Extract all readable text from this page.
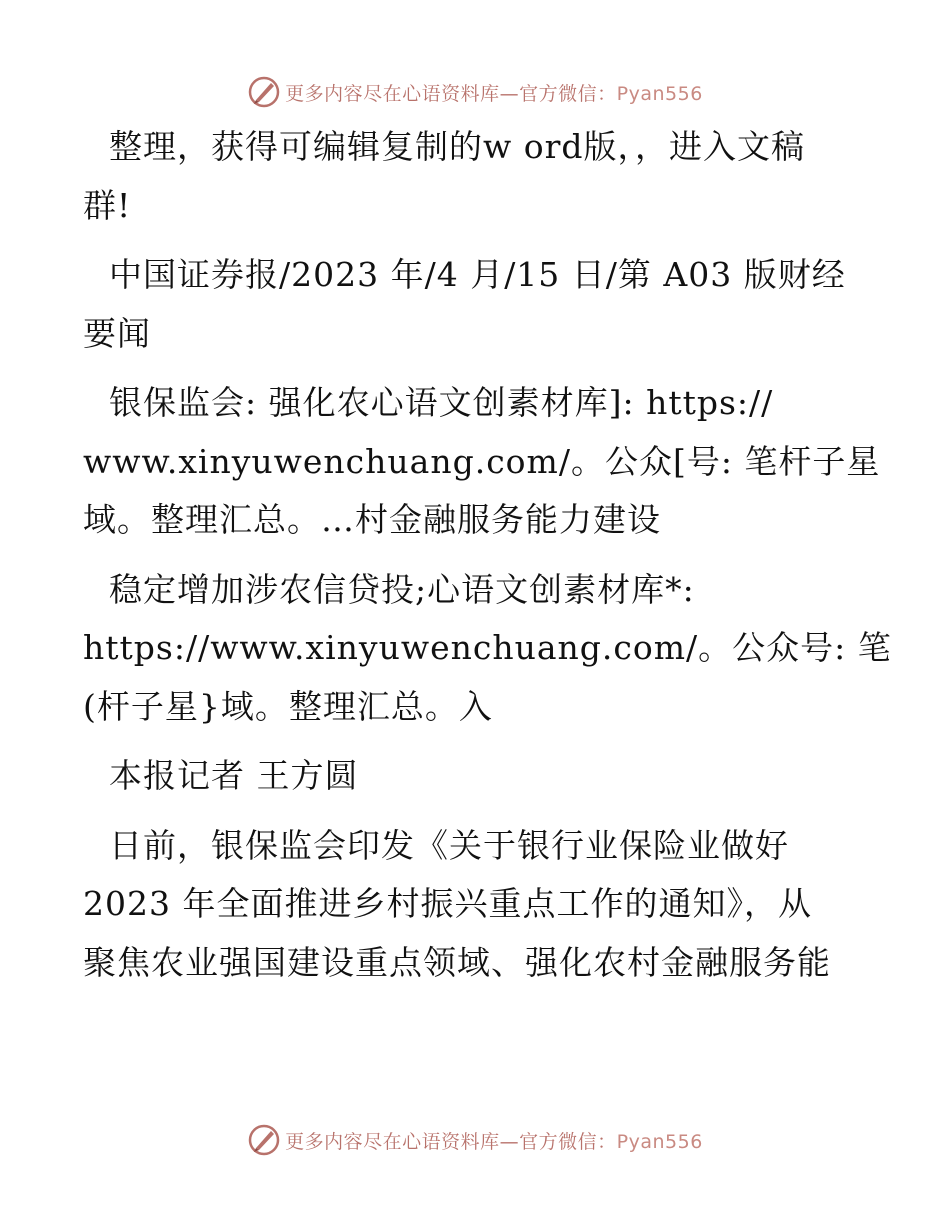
更多内容尽在心语资料库—官方微信：Pyan556

整理，获得可编辑复制的w ord版，，进入文稿
群!

中国证券报/2023 年/4 月/15 日/第 A03 版财经
要闻

银保监会: 强化农心语文创素材库]: https://
www.xinyuwenchuang.com/。公众[号: 笔杆子星
域。整理汇总。…村金融服务能力建设

稳定增加涉农信贷投;心语文创素材库*:
https://www.xinyuwenchuang.com/。公众号: 笔
(杆子星}域。整理汇总。入

本报记者 王方圆

日前，银保监会印发《关于银行业保险业做好
2023 年全面推进乡村振兴重点工作的通知》，从
聚焦农业强国建设重点领域、强化农村金融服务能

更多内容尽在心语资料库—官方微信：Pyan556
